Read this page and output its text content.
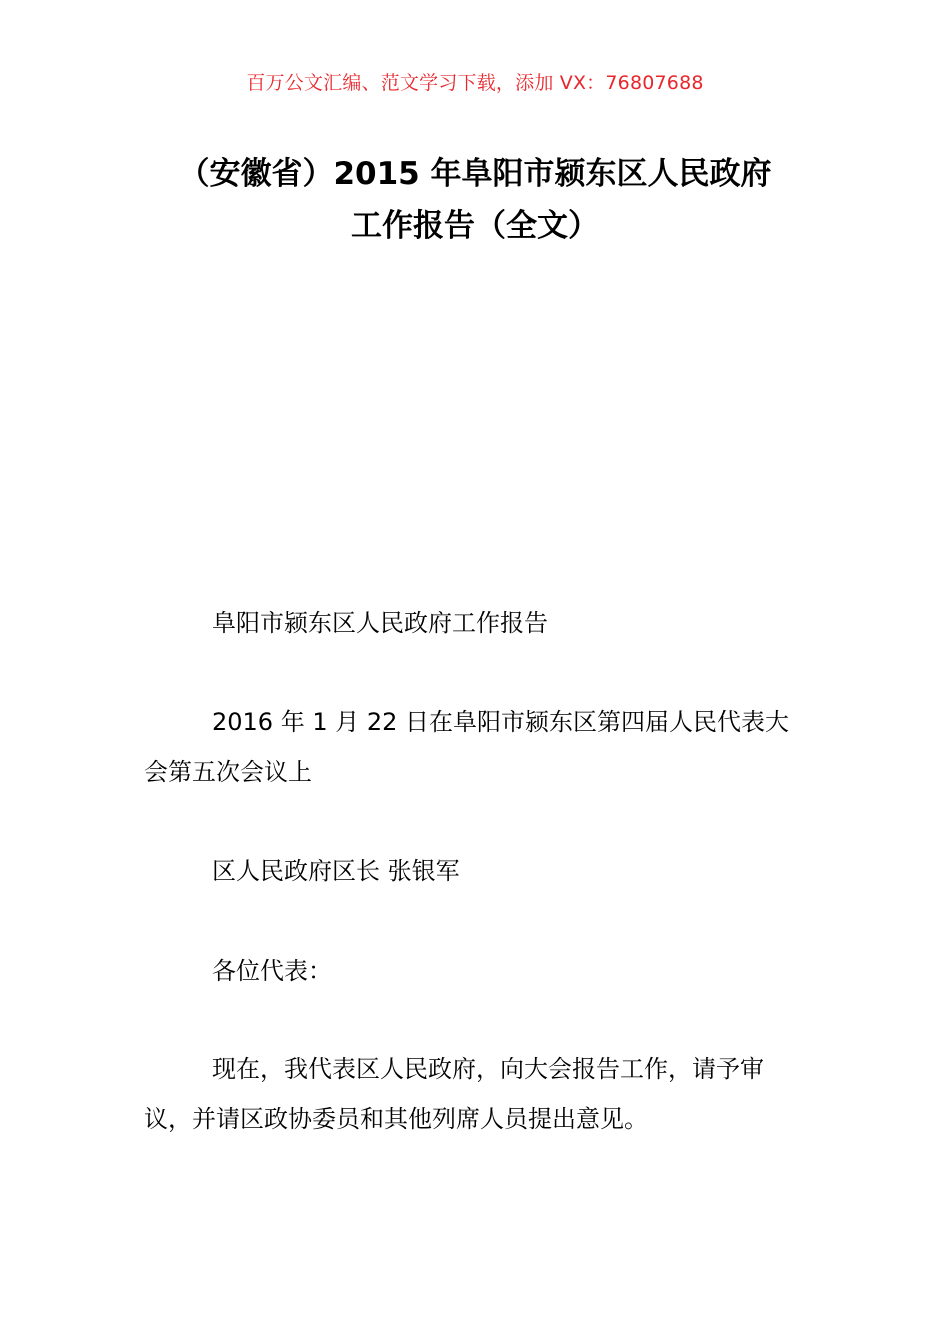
百万公文汇编、范文学习下载，添加 VX：76807688
（安徽省）2015 年阜阳市颍东区人民政府
工作报告（全文）

阜阳市颍东区人民政府工作报告

2016 年 1 月 22 日在阜阳市颍东区第四届人民代表大会第五次会议上

区人民政府区长 张银军

各位代表：

现在，我代表区人民政府，向大会报告工作，请予审议，并请区政协委员和其他列席人员提出意见。
